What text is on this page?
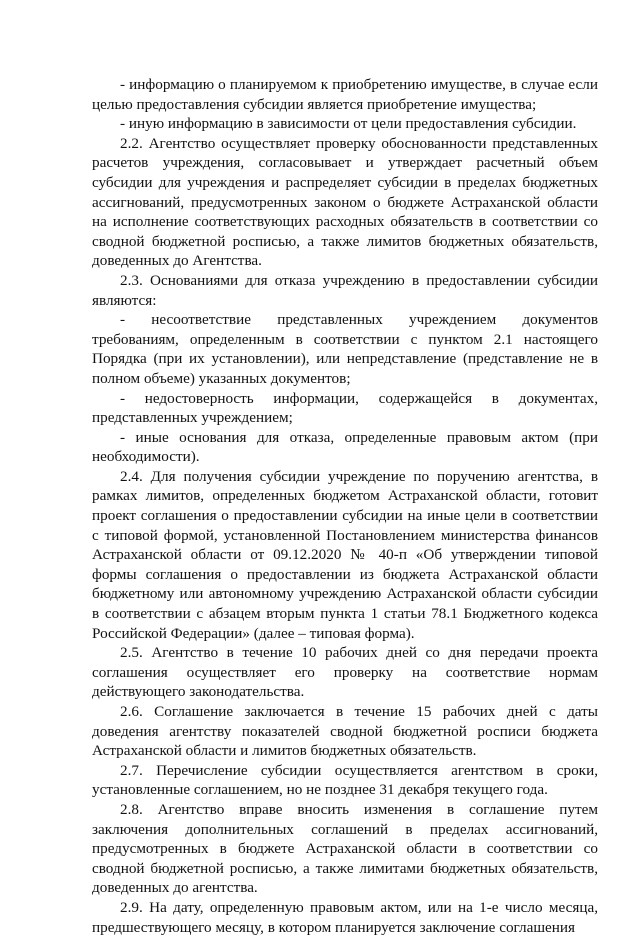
- информацию о планируемом к приобретению имуществе, в случае если целью предоставления субсидии является приобретение имущества;

- иную информацию в зависимости от цели предоставления субсидии.

2.2. Агентство осуществляет проверку обоснованности представленных расчетов учреждения, согласовывает и утверждает расчетный объем субсидии для учреждения и распределяет субсидии в пределах бюджетных ассигнований, предусмотренных законом о бюджете Астраханской области на исполнение соответствующих расходных обязательств в соответствии со сводной бюджетной росписью, а также лимитов бюджетных обязательств, доведенных до Агентства.

2.3. Основаниями для отказа учреждению в предоставлении субсидии являются:

- несоответствие представленных учреждением документов требованиям, определенным в соответствии с пунктом 2.1 настоящего Порядка (при их установлении), или непредставление (представление не в полном объеме) указанных документов;

- недостоверность информации, содержащейся в документах, представленных учреждением;

- иные основания для отказа, определенные правовым актом (при необходимости).

2.4. Для получения субсидии учреждение по поручению агентства, в рамках лимитов, определенных бюджетом Астраханской области, готовит проект соглашения о предоставлении субсидии на иные цели в соответствии с типовой формой, установленной Постановлением министерства финансов Астраханской области от 09.12.2020 № 40-п «Об утверждении типовой формы соглашения о предоставлении из бюджета Астраханской области бюджетному или автономному учреждению Астраханской области субсидии в соответствии с абзацем вторым пункта 1 статьи 78.1 Бюджетного кодекса Российской Федерации» (далее – типовая форма).

2.5. Агентство в течение 10 рабочих дней со дня передачи проекта соглашения осуществляет его проверку на соответствие нормам действующего законодательства.

2.6. Соглашение заключается в течение 15 рабочих дней с даты доведения агентству показателей сводной бюджетной росписи бюджета Астраханской области и лимитов бюджетных обязательств.

2.7. Перечисление субсидии осуществляется агентством в сроки, установленные соглашением, но не позднее 31 декабря текущего года.

2.8. Агентство вправе вносить изменения в соглашение путем заключения дополнительных соглашений в пределах ассигнований, предусмотренных в бюджете Астраханской области в соответствии со сводной бюджетной росписью, а также лимитами бюджетных обязательств, доведенных до агентства.

2.9. На дату, определенную правовым актом, или на 1-е число месяца, предшествующего месяцу, в котором планируется заключение соглашения
